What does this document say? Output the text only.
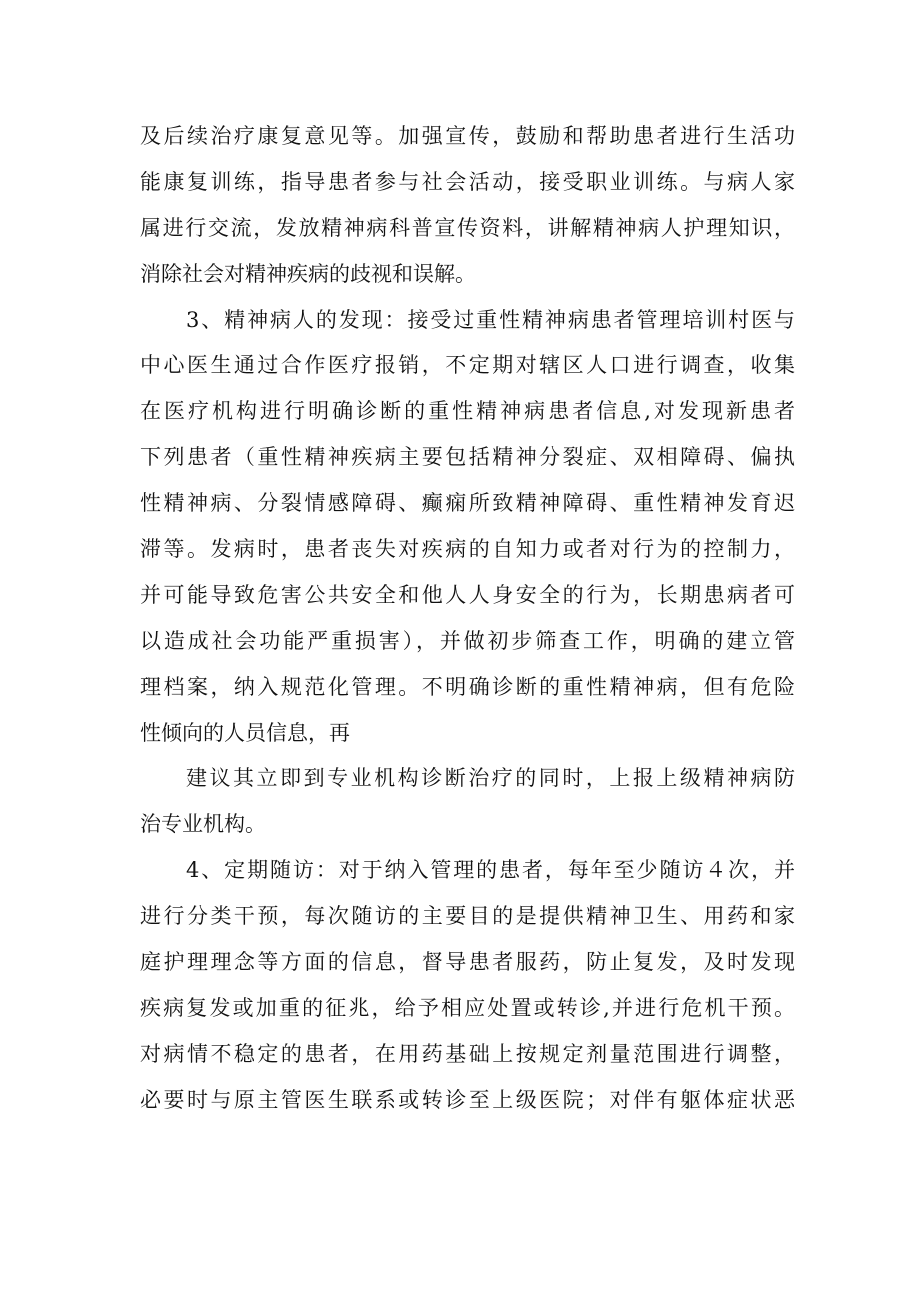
及后续治疗康复意见等。加强宣传，鼓励和帮助患者进行生活功
能康复训练，指导患者参与社会活动，接受职业训练。与病人家
属进行交流，发放精神病科普宣传资料，讲解精神病人护理知识，
消除社会对精神疾病的歧视和误解。
3、精神病人的发现：接受过重性精神病患者管理培训村医与
中心医生通过合作医疗报销，不定期对辖区人口进行调查，收集
在医疗机构进行明确诊断的重性精神病患者信息,对发现新患者
下列患者（重性精神疾病主要包括精神分裂症、双相障碍、偏执
性精神病、分裂情感障碍、癫痫所致精神障碍、重性精神发育迟
滞等。发病时，患者丧失对疾病的自知力或者对行为的控制力，
并可能导致危害公共安全和他人人身安全的行为，长期患病者可
以造成社会功能严重损害），并做初步筛查工作，明确的建立管
理档案，纳入规范化管理。不明确诊断的重性精神病，但有危险
性倾向的人员信息，再
建议其立即到专业机构诊断治疗的同时，上报上级精神病防
治专业机构。
4、定期随访：对于纳入管理的患者，每年至少随访４次，并
进行分类干预，每次随访的主要目的是提供精神卫生、用药和家
庭护理理念等方面的信息，督导患者服药，防止复发，及时发现
疾病复发或加重的征兆，给予相应处置或转诊,并进行危机干预。
对病情不稳定的患者，在用药基础上按规定剂量范围进行调整，
必要时与原主管医生联系或转诊至上级医院；对伴有躯体症状恶
